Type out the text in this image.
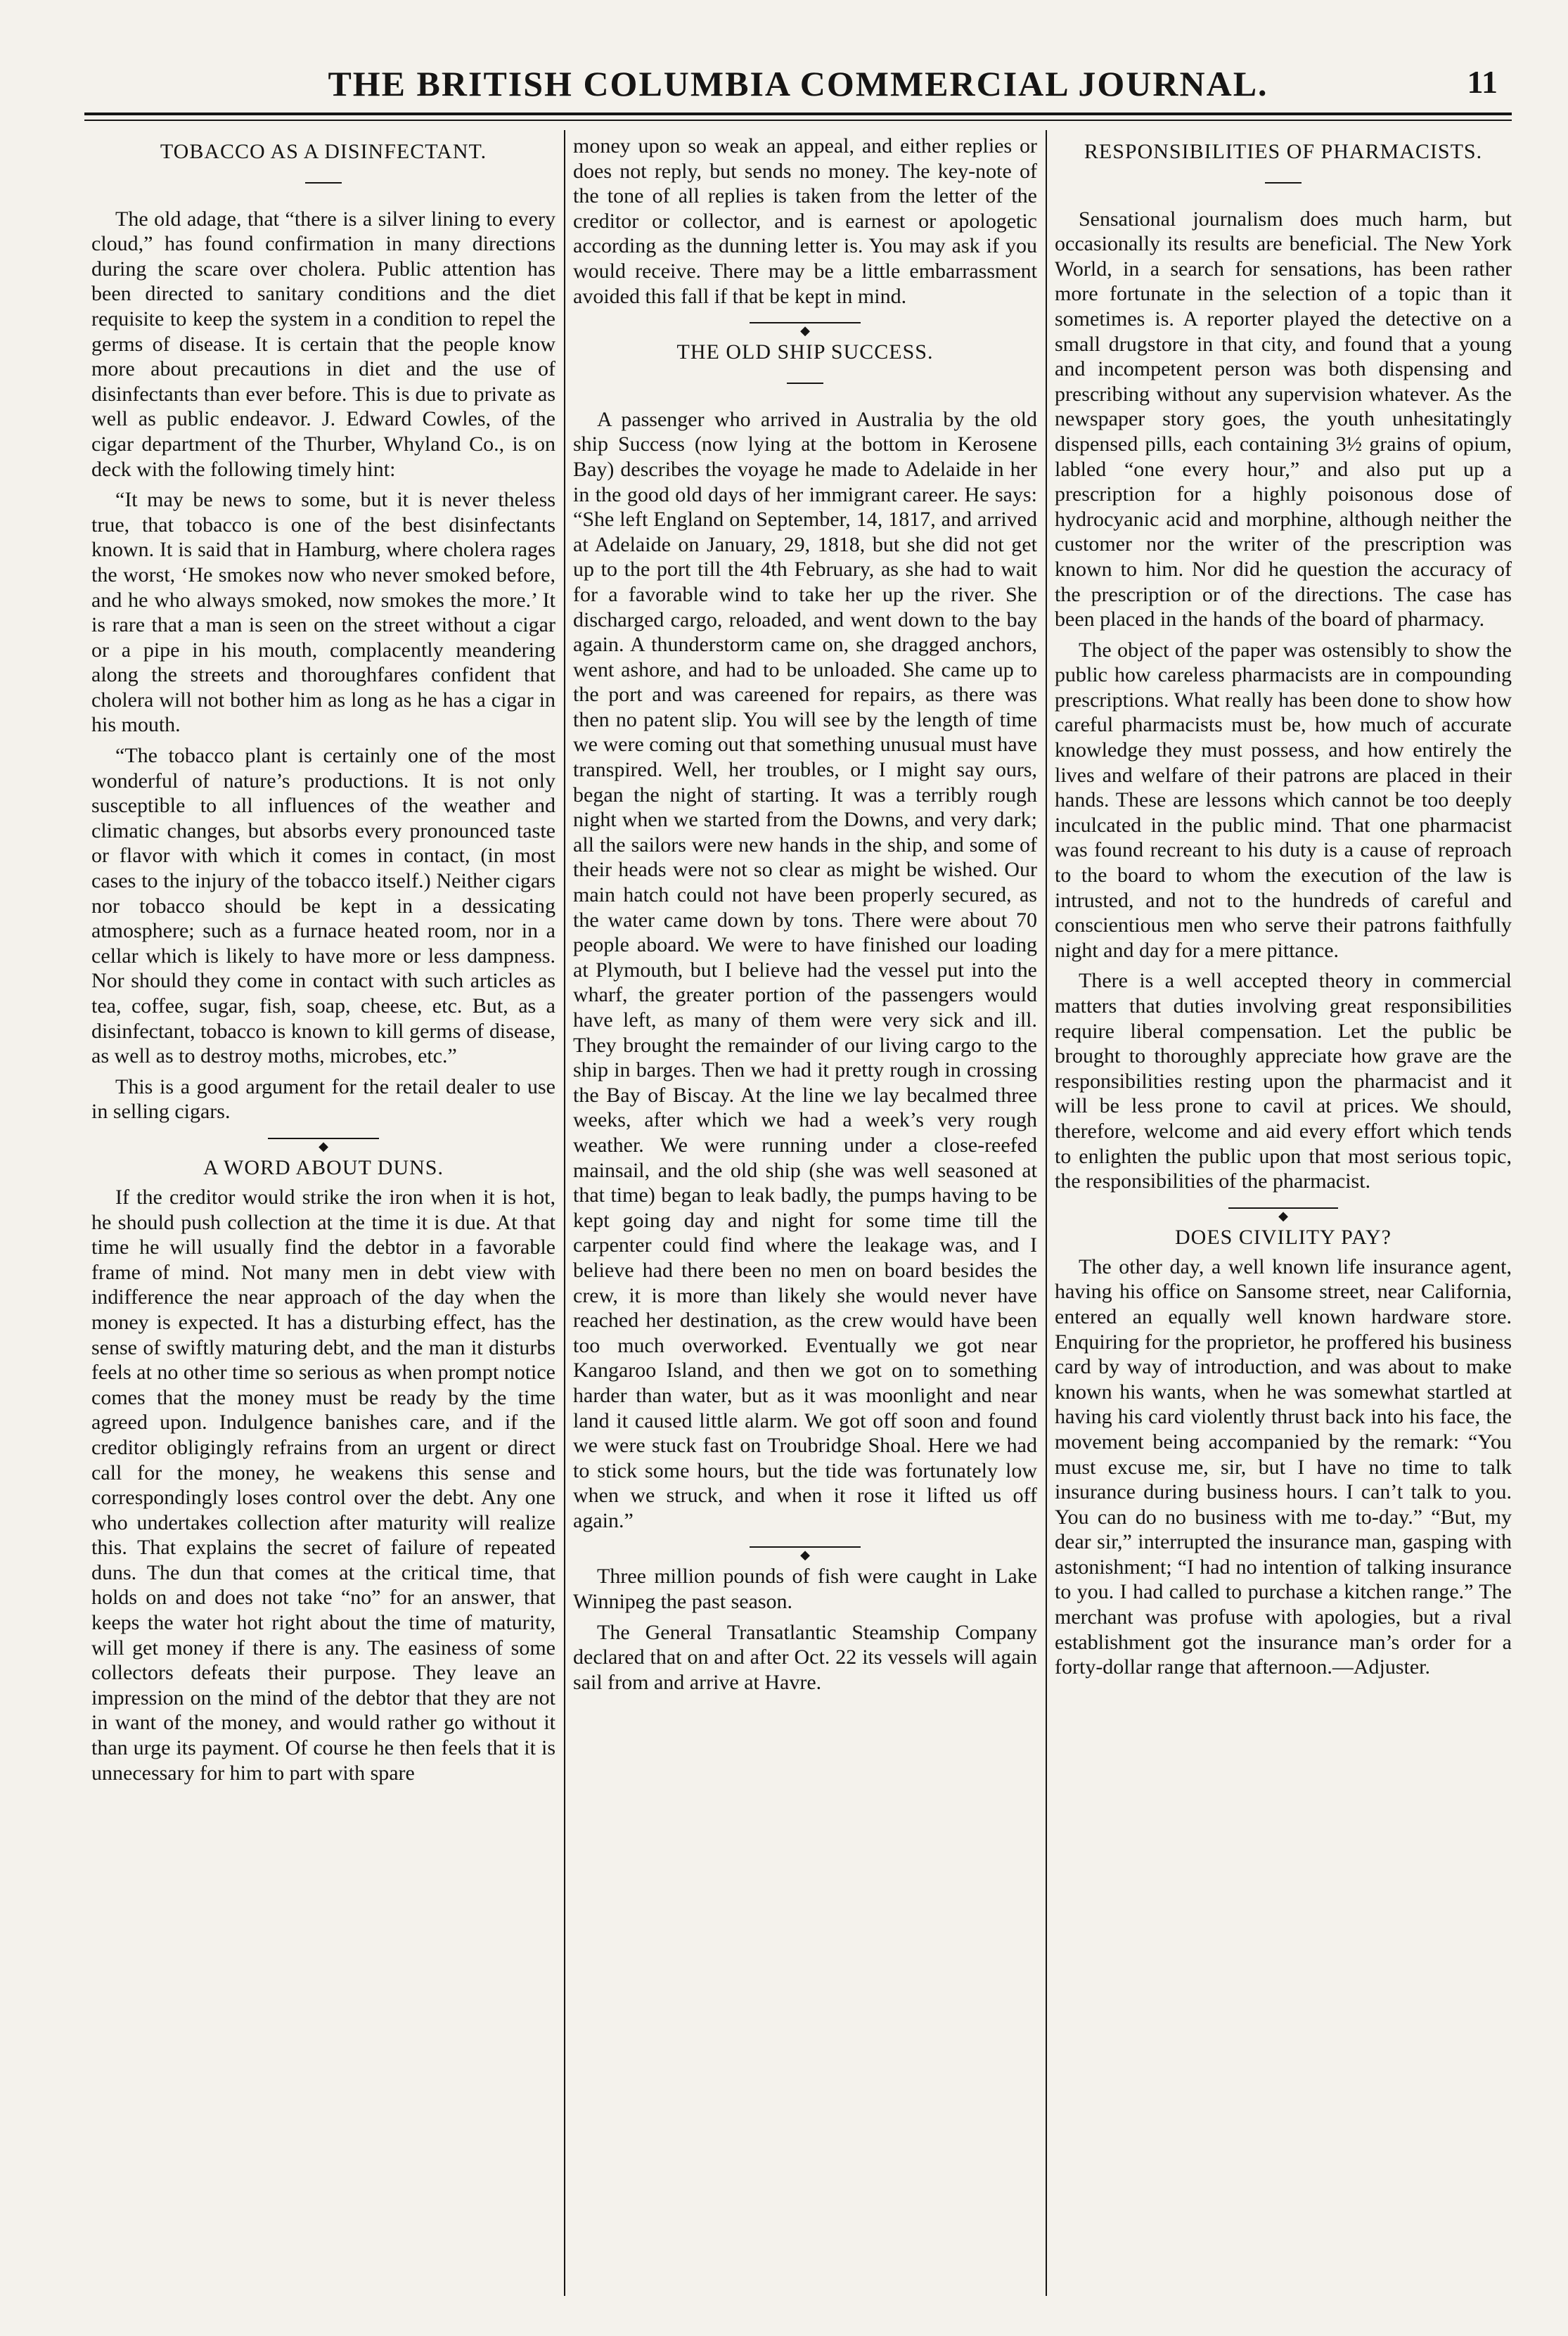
THE BRITISH COLUMBIA COMMERCIAL JOURNAL.	11
TOBACCO AS A DISINFECTANT.

The old adage, that “there is a silver lining to every cloud,” has found confirmation in many directions during the scare over cholera. Public attention has been directed to sanitary conditions and the diet requisite to keep the system in a condition to repel the germs of disease. It is certain that the people know more about precautions in diet and the use of disinfectants than ever before. This is due to private as well as public endeavor. J. Edward Cowles, of the cigar department of the Thurber, Whyland Co., is on deck with the following timely hint:

“It may be news to some, but it is never theless true, that tobacco is one of the best disinfectants known. It is said that in Hamburg, where cholera rages the worst, ‘He smokes now who never smoked before, and he who always smoked, now smokes the more.’ It is rare that a man is seen on the street without a cigar or a pipe in his mouth, complacently meandering along the streets and thoroughfares confident that cholera will not bother him as long as he has a cigar in his mouth.

“The tobacco plant is certainly one of the most wonderful of nature’s productions. It is not only susceptible to all influences of the weather and climatic changes, but absorbs every pronounced taste or flavor with which it comes in contact, (in most cases to the injury of the tobacco itself.) Neither cigars nor tobacco should be kept in a dessicating atmosphere; such as a furnace heated room, nor in a cellar which is likely to have more or less dampness. Nor should they come in contact with such articles as tea, coffee, sugar, fish, soap, cheese, etc. But, as a disinfectant, tobacco is known to kill germs of disease, as well as to destroy moths, microbes, etc.”

This is a good argument for the retail dealer to use in selling cigars.

◆
A WORD ABOUT DUNS.

If the creditor would strike the iron when it is hot, he should push collection at the time it is due. At that time he will usually find the debtor in a favorable frame of mind. Not many men in debt view with indifference the near approach of the day when the money is expected. It has a disturbing effect, has the sense of swiftly maturing debt, and the man it disturbs feels at no other time so serious as when prompt notice comes that the money must be ready by the time agreed upon. Indulgence banishes care, and if the creditor obligingly refrains from an urgent or direct call for the money, he weakens this sense and correspondingly loses control over the debt. Any one who undertakes collection after maturity will realize this. That explains the secret of failure of repeated duns. The dun that comes at the critical time, that holds on and does not take “no” for an answer, that keeps the water hot right about the time of maturity, will get money if there is any. The easiness of some collectors defeats their purpose. They leave an impression on the mind of the debtor that they are not in want of the money, and would rather go without it than urge its payment. Of course he then feels that it is unnecessary for him to part with spare

money upon so weak an appeal, and either replies or does not reply, but sends no money. The key-note of the tone of all replies is taken from the letter of the creditor or collector, and is earnest or apologetic according as the dunning letter is. You may ask if you would receive. There may be a little embarrassment avoided this fall if that be kept in mind.

◆
THE OLD SHIP SUCCESS.

A passenger who arrived in Australia by the old ship Success (now lying at the bottom in Kerosene Bay) describes the voyage he made to Adelaide in her in the good old days of her immigrant career. He says: “She left England on September, 14, 1817, and arrived at Adelaide on January, 29, 1818, but she did not get up to the port till the 4th February, as she had to wait for a favorable wind to take her up the river. She discharged cargo, reloaded, and went down to the bay again. A thunderstorm came on, she dragged anchors, went ashore, and had to be unloaded. She came up to the port and was careened for repairs, as there was then no patent slip. You will see by the length of time we were coming out that something unusual must have transpired. Well, her troubles, or I might say ours, began the night of starting. It was a terribly rough night when we started from the Downs, and very dark; all the sailors were new hands in the ship, and some of their heads were not so clear as might be wished. Our main hatch could not have been properly secured, as the water came down by tons. There were about 70 people aboard. We were to have finished our loading at Plymouth, but I believe had the vessel put into the wharf, the greater portion of the passengers would have left, as many of them were very sick and ill. They brought the remainder of our living cargo to the ship in barges. Then we had it pretty rough in crossing the Bay of Biscay. At the line we lay becalmed three weeks, after which we had a week’s very rough weather. We were running under a close-reefed mainsail, and the old ship (she was well seasoned at that time) began to leak badly, the pumps having to be kept going day and night for some time till the carpenter could find where the leakage was, and I believe had there been no men on board besides the crew, it is more than likely she would never have reached her destination, as the crew would have been too much overworked. Eventually we got near Kangaroo Island, and then we got on to something harder than water, but as it was moonlight and near land it caused little alarm. We got off soon and found we were stuck fast on Troubridge Shoal. Here we had to stick some hours, but the tide was fortunately low when we struck, and when it rose it lifted us off again.”

◆

Three million pounds of fish were caught in Lake Winnipeg the past season.

The General Transatlantic Steamship Company declared that on and after Oct. 22 its vessels will again sail from and arrive at Havre.

RESPONSIBILITIES OF PHARMACISTS.

Sensational journalism does much harm, but occasionally its results are beneficial. The New York World, in a search for sensations, has been rather more fortunate in the selection of a topic than it sometimes is. A reporter played the detective on a small drugstore in that city, and found that a young and incompetent person was both dispensing and prescribing without any supervision whatever. As the newspaper story goes, the youth unhesitatingly dispensed pills, each containing 3½ grains of opium, labled “one every hour,” and also put up a prescription for a highly poisonous dose of hydrocyanic acid and morphine, although neither the customer nor the writer of the prescription was known to him. Nor did he question the accuracy of the prescription or of the directions. The case has been placed in the hands of the board of pharmacy.

The object of the paper was ostensibly to show the public how careless pharmacists are in compounding prescriptions. What really has been done to show how careful pharmacists must be, how much of accurate knowledge they must possess, and how entirely the lives and welfare of their patrons are placed in their hands. These are lessons which cannot be too deeply inculcated in the public mind. That one pharmacist was found recreant to his duty is a cause of reproach to the board to whom the execution of the law is intrusted, and not to the hundreds of careful and conscientious men who serve their patrons faithfully night and day for a mere pittance.

There is a well accepted theory in commercial matters that duties involving great responsibilities require liberal compensation. Let the public be brought to thoroughly appreciate how grave are the responsibilities resting upon the pharmacist and it will be less prone to cavil at prices. We should, therefore, welcome and aid every effort which tends to enlighten the public upon that most serious topic, the responsibilities of the pharmacist.

◆
DOES CIVILITY PAY?

The other day, a well known life insurance agent, having his office on Sansome street, near California, entered an equally well known hardware store. Enquiring for the proprietor, he proffered his business card by way of introduction, and was about to make known his wants, when he was somewhat startled at having his card violently thrust back into his face, the movement being accompanied by the remark: “You must excuse me, sir, but I have no time to talk insurance during business hours. I can’t talk to you. You can do no business with me to-day.” “But, my dear sir,” interrupted the insurance man, gasping with astonishment; “I had no intention of talking insurance to you. I had called to purchase a kitchen range.” The merchant was profuse with apologies, but a rival establishment got the insurance man’s order for a forty-dollar range that afternoon.—Adjuster.
